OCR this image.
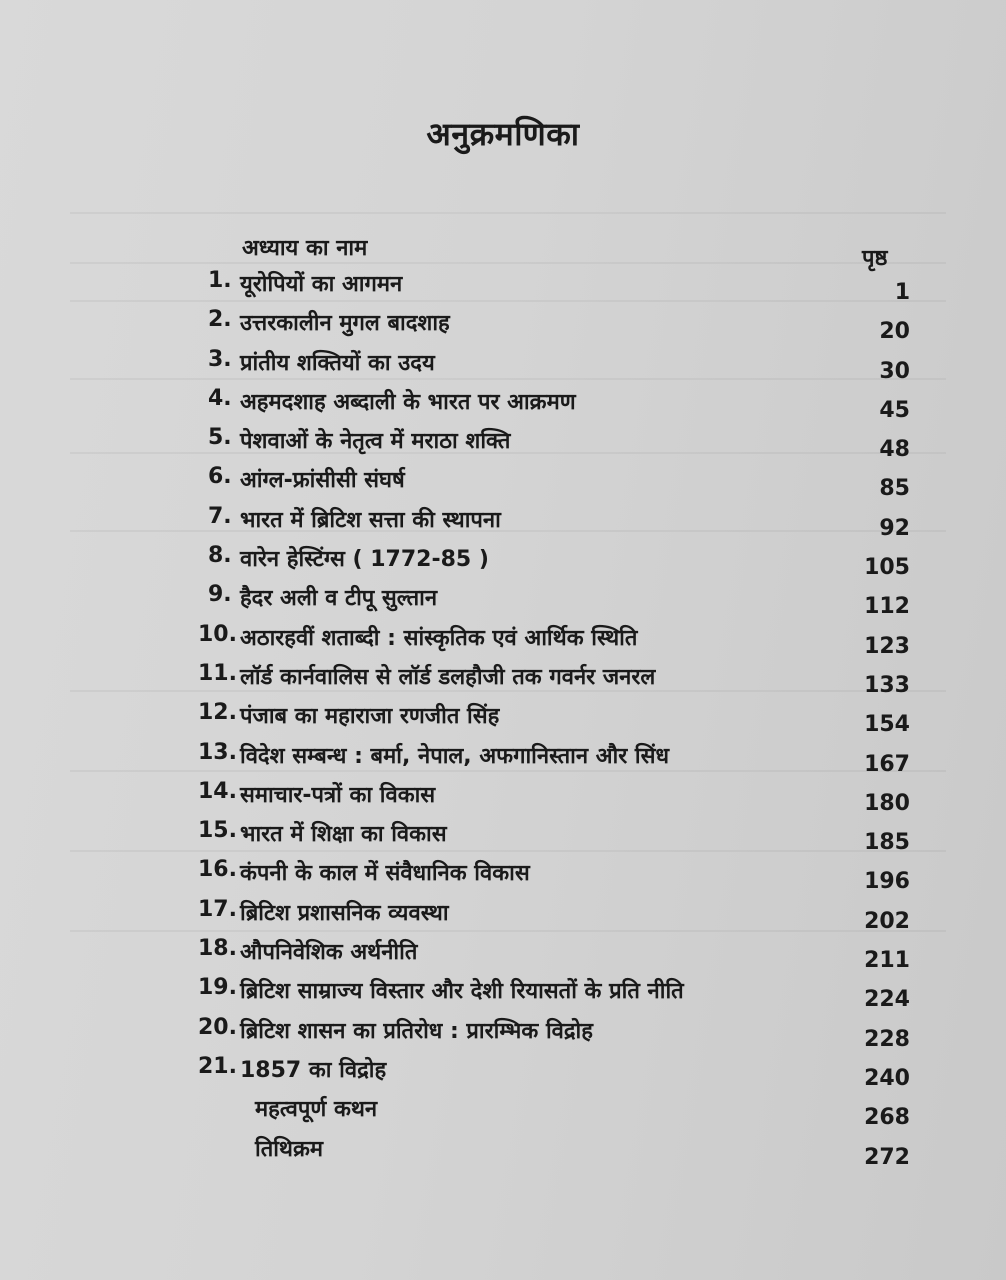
अनुक्रमणिका
अध्याय का नाम	पृष्ठ
1. यूरोपियों का आगमन	1
2. उत्तरकालीन मुगल बादशाह	20
3. प्रांतीय शक्तियों का उदय	30
4. अहमदशाह अब्दाली के भारत पर आक्रमण	45
5. पेशवाओं के नेतृत्व में मराठा शक्ति	48
6. आंग्ल-फ्रांसीसी संघर्ष	85
7. भारत में ब्रिटिश सत्ता की स्थापना	92
8. वारेन हेस्टिंग्स ( 1772-85 )	105
9. हैदर अली व टीपू सुल्तान	112
10. अठारहवीं शताब्दी : सांस्कृतिक एवं आर्थिक स्थिति	123
11. लॉर्ड कार्नवालिस से लॉर्ड डलहौजी तक गवर्नर जनरल	133
12. पंजाब का महाराजा रणजीत सिंह	154
13. विदेश सम्बन्ध : बर्मा, नेपाल, अफगानिस्तान और सिंध	167
14. समाचार-पत्रों का विकास	180
15. भारत में शिक्षा का विकास	185
16. कंपनी के काल में संवैधानिक विकास	196
17. ब्रिटिश प्रशासनिक व्यवस्था	202
18. औपनिवेशिक अर्थनीति	211
19. ब्रिटिश साम्राज्य विस्तार और देशी रियासतों के प्रति नीति	224
20. ब्रिटिश शासन का प्रतिरोध : प्रारम्भिक विद्रोह	228
21. 1857 का विद्रोह	240
महत्वपूर्ण कथन	268
तिथिक्रम	272
